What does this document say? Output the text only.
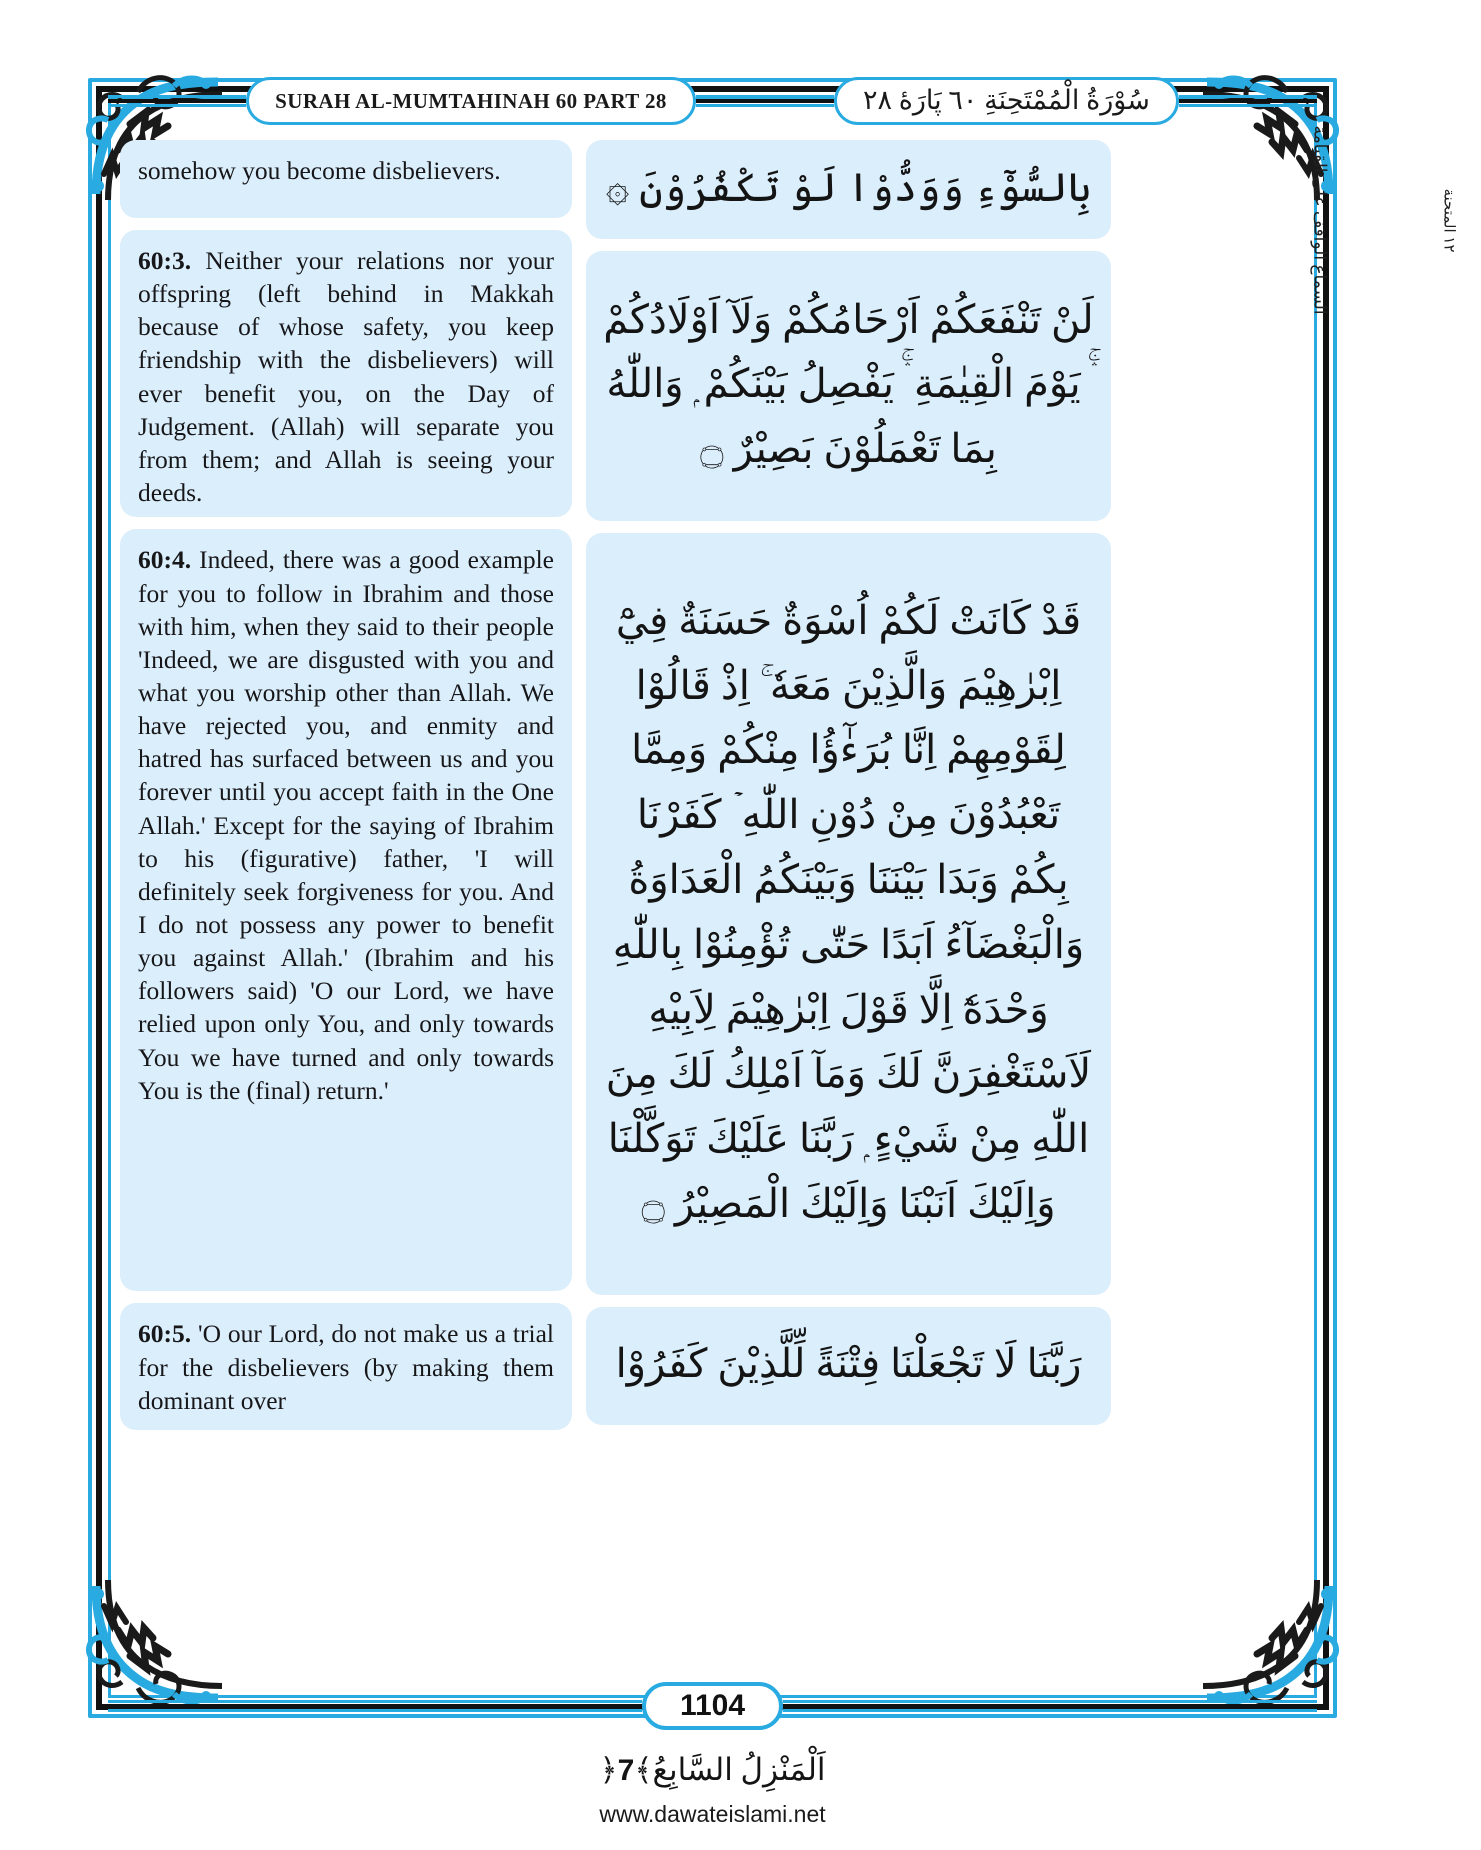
SURAH AL-MUMTAHINAH 60 PART 28	سُوْرَةُ الْمُمْتَحِنَةِ ٦٠ پَارَهٔ ٢٨
somehow you become disbelievers.
60:3. Neither your relations nor your offspring (left behind in Makkah because of whose safety, you keep friendship with the disbelievers) will ever benefit you, on the Day of Judgement. (Allah) will separate you from them; and Allah is seeing your deeds.
60:4. Indeed, there was a good example for you to follow in Ibrahim and those with him, when they said to their people 'Indeed, we are disgusted with you and what you worship other than Allah. We have rejected you, and enmity and hatred has surfaced between us and you forever until you accept faith in the One Allah.' Except for the saying of Ibrahim to his (figurative) father, 'I will definitely seek forgiveness for you. And I do not possess any power to benefit you against Allah.' (Ibrahim and his followers said) 'O our Lord, we have relied upon only You, and only towards You we have turned and only towards You is the (final) return.'
60:5. 'O our Lord, do not make us a trial for the disbelievers (by making them dominant over
بِالسُّوْٓءِ وَوَدُّوْا لَوْ تَكْفُرُوْنَ ۞
لَنْ تَنْفَعَكُمْ اَرْحَامُكُمْ وَلَآ اَوْلَادُكُمْ ۛۚ يَوْمَ الْقِيٰمَةِ ۛۚ يَفْصِلُ بَيْنَكُمْ ۭ وَاللّٰهُ بِمَا تَعْمَلُوْنَ بَصِيْرٌ ۝
قَدْ كَانَتْ لَكُمْ اُسْوَةٌ حَسَنَةٌ فِيْٓ اِبْرٰهِيْمَ وَالَّذِيْنَ مَعَهٗ ۚ اِذْ قَالُوْا لِقَوْمِهِمْ اِنَّا بُرَءٰٓؤُا مِنْكُمْ وَمِمَّا تَعْبُدُوْنَ مِنْ دُوْنِ اللّٰهِ ۡ كَفَرْنَا بِكُمْ وَبَدَا بَيْنَنَا وَبَيْنَكُمُ الْعَدَاوَةُ وَالْبَغْضَآءُ اَبَدًا حَتّٰى تُؤْمِنُوْا بِاللّٰهِ وَحْدَهٗٓ اِلَّا قَوْلَ اِبْرٰهِيْمَ لِاَبِيْهِ لَاَسْتَغْفِرَنَّ لَكَ وَمَآ اَمْلِكُ لَكَ مِنَ اللّٰهِ مِنْ شَيْءٍ ۭ رَبَّنَا عَلَيْكَ تَوَكَّلْنَا وَاِلَيْكَ اَنَبْنَا وَاِلَيْكَ الْمَصِيْرُ ۝
رَبَّنَا لَا تَجْعَلْنَا فِتْنَةً لِّلَّذِيْنَ كَفَرُوْا
السماع الواقف على القيامة	١٢ المتحنة
1104
اَلْمَنْزِلُ السَّابِعُ﴾7﴿
www.dawateislami.net
